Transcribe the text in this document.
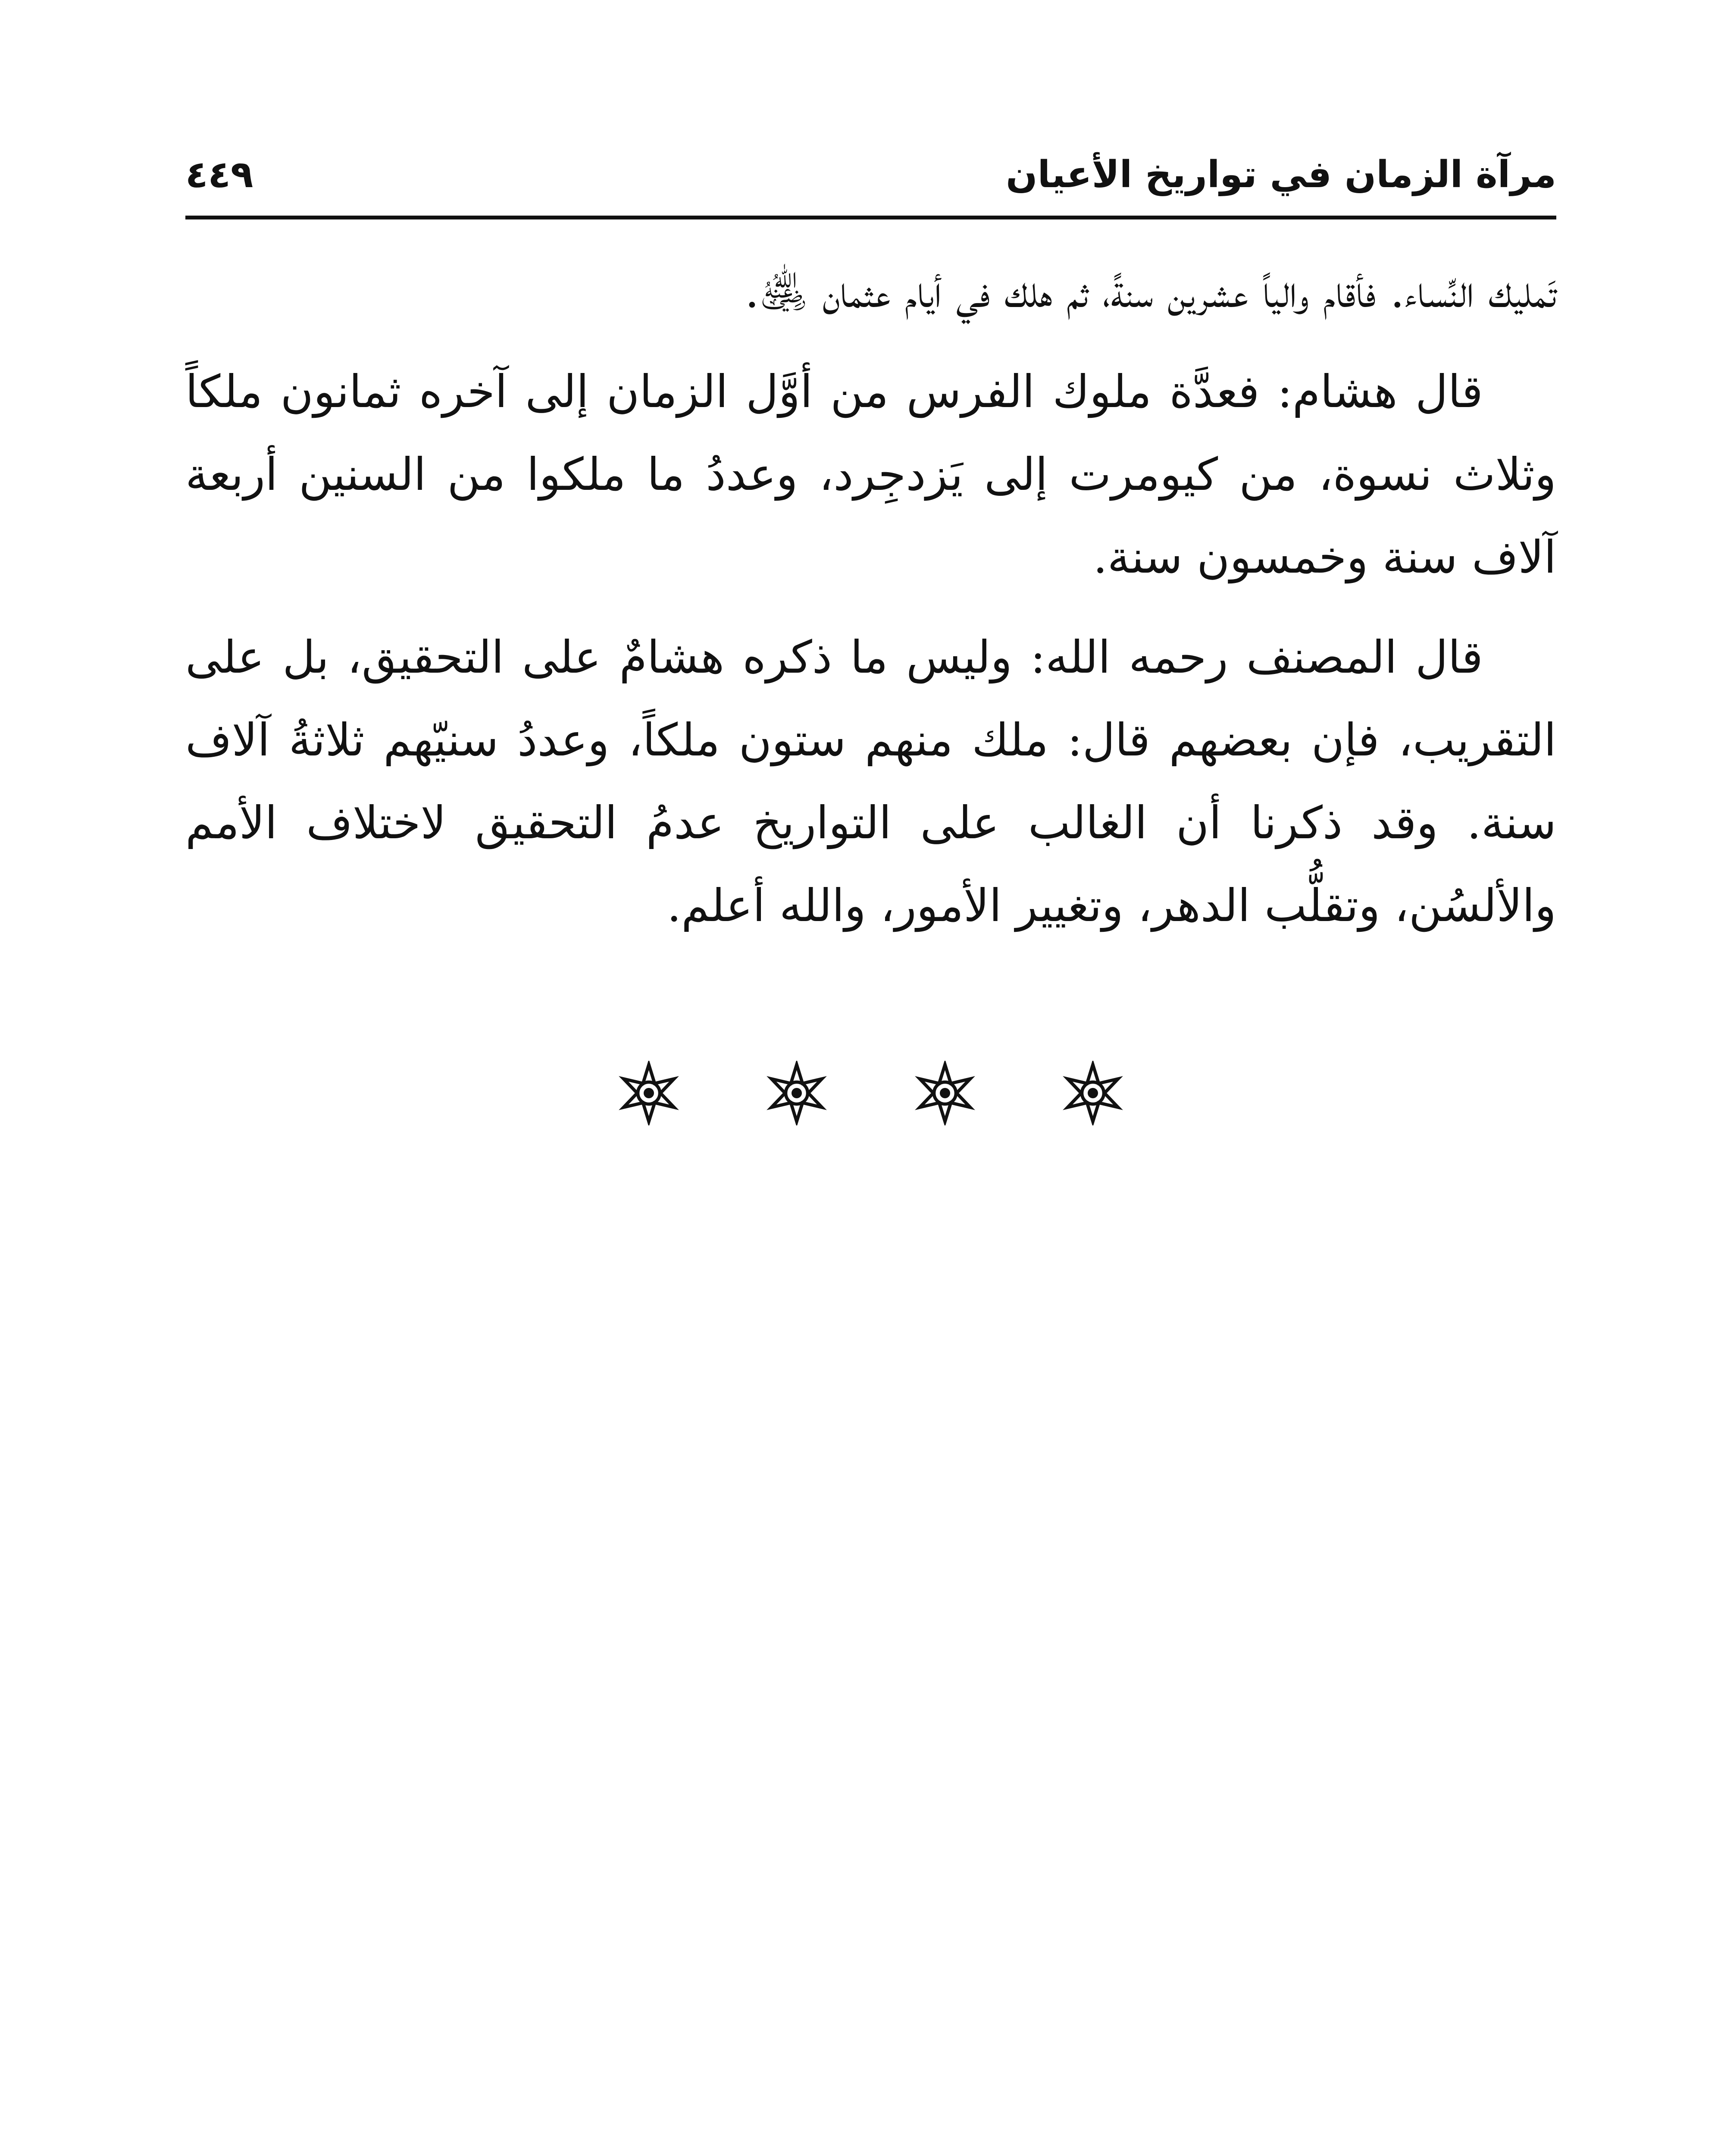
مرآة الزمان في تواريخ الأعيان
٤٤٩

تَمليك النِّساء. فأقام والياً عشرين سنةً، ثم هلك في أيام عثمان ﵁.

قال هشام: فعدَّة ملوك الفرس من أوَّل الزمان إلى آخره ثمانون ملكاً وثلاث نسوة، من كيومرت إلى يَزدجِرد، وعددُ ما ملكوا من السنين أربعة آلاف سنة وخمسون سنة.

قال المصنف رحمه الله: وليس ما ذكره هشامٌ على التحقيق، بل على التقريب، فإن بعضهم قال: ملك منهم ستون ملكاً، وعددُ سنيّهم ثلاثةُ آلاف سنة. وقد ذكرنا أن الغالب على التواريخ عدمُ التحقيق لاختلاف الأمم والألسُن، وتقلُّب الدهر، وتغيير الأمور، والله أعلم.
